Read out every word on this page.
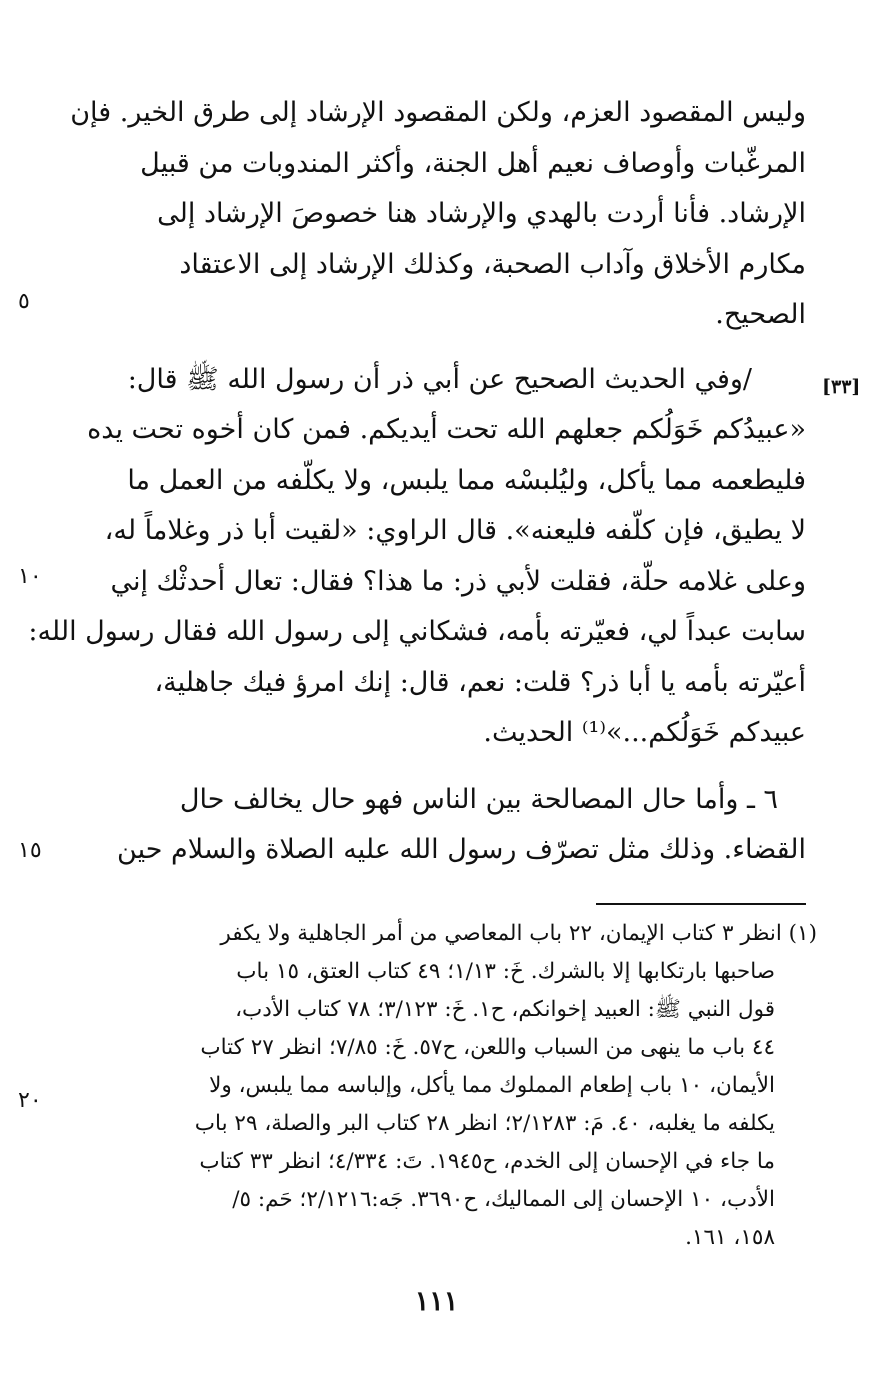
وليس المقصود العزم، ولكن المقصود الإرشاد إلى طرق الخير. فإن
المرغّبات وأوصاف نعيم أهل الجنة، وأكثر المندوبات من قبيل
الإرشاد. فأنا أردت بالهدي والإرشاد هنا خصوصَ الإرشاد إلى
مكارم الأخلاق وآداب الصحبة، وكذلك الإرشاد إلى الاعتقاد
الصحيح.

/وفي الحديث الصحيح عن أبي ذر أن رسول الله ﷺ قال:
«عبيدُكم خَوَلُكم جعلهم الله تحت أيديكم. فمن كان أخوه تحت يده
فليطعمه مما يأكل، وليُلبسْه مما يلبس، ولا يكلّفه من العمل ما
لا يطيق، فإن كلّفه فليعنه». قال الراوي: «لقيت أبا ذر وغلاماً له،
وعلى غلامه حلّة، فقلت لأبي ذر: ما هذا؟ فقال: تعال أحدثْك إني
سابت عبداً لي، فعيّرته بأمه، فشكاني إلى رسول الله فقال رسول الله:
أعيّرته بأمه يا أبا ذر؟ قلت: نعم، قال: إنك امرؤ فيك جاهلية،
عبيدكم خَوَلُكم...»⁽¹⁾ الحديث.

٦ ـ وأما حال المصالحة بين الناس فهو حال يخالف حال
القضاء. وذلك مثل تصرّف رسول الله عليه الصلاة والسلام حين

[٣٣]
٥
١٠
١٥
٢٠
(١) انظر ٣ كتاب الإيمان، ٢٢ باب المعاصي من أمر الجاهلية ولا يكفر
صاحبها بارتكابها إلا بالشرك. خَ: ١/١٣؛ ٤٩ كتاب العتق، ١٥ باب
قول النبي ﷺ: العبيد إخوانكم، ح١. خَ: ٣/١٢٣؛ ٧٨ كتاب الأدب،
٤٤ باب ما ينهى من السباب واللعن، ح٥٧. خَ: ٧/٨٥؛ انظر ٢٧ كتاب
الأيمان، ١٠ باب إطعام المملوك مما يأكل، وإلباسه مما يلبس، ولا
يكلفه ما يغلبه، ٤٠. مَ: ٢/١٢٨٣؛ انظر ٢٨ كتاب البر والصلة، ٢٩ باب
ما جاء في الإحسان إلى الخدم، ح١٩٤٥. تَ: ٤/٣٣٤؛ انظر ٣٣ كتاب
الأدب، ١٠ الإحسان إلى المماليك، ح٣٦٩٠. جَه:٢/١٢١٦؛ حَم: ٥/
١٥٨، ١٦١.
١١١
